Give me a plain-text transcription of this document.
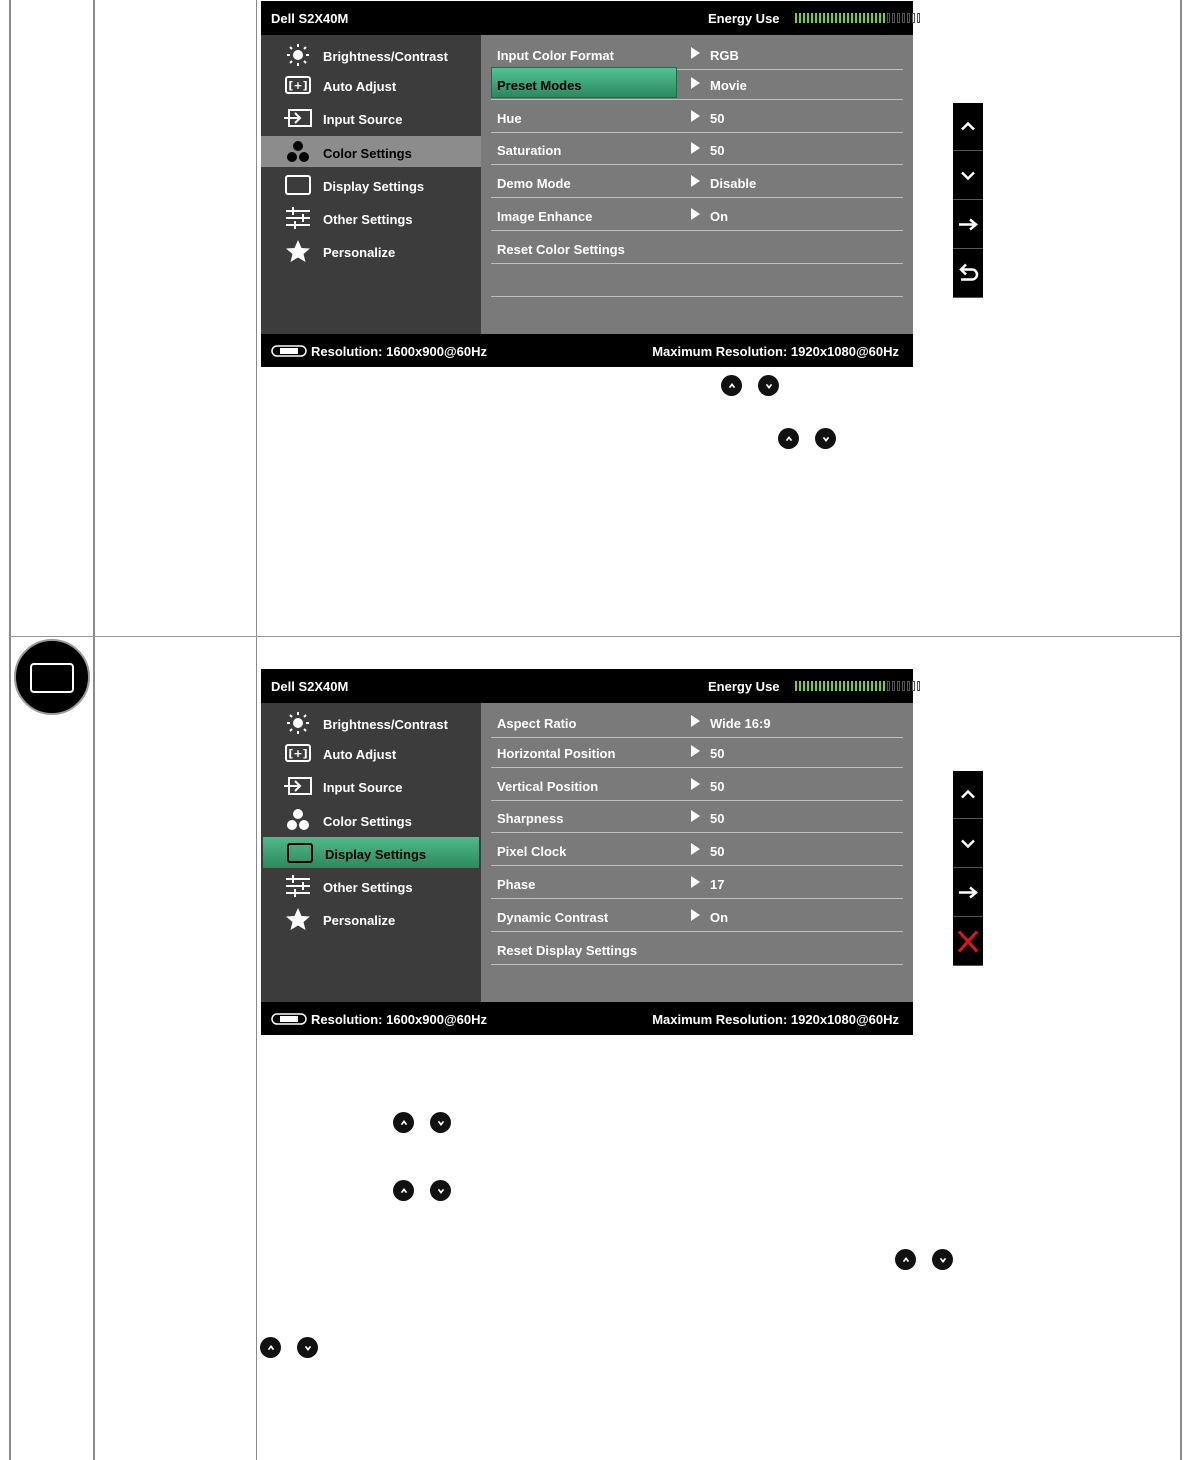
Dell S2X40M	Energy Use
Brightness/Contrast
[+] Auto Adjust
Input Source
Color Settings
Display Settings
Other Settings
Personalize
Input Color Format	RGB
Preset Modes	Movie
Hue	50
Saturation	50
Demo Mode	Disable
Image Enhance	On
Reset Color Settings
Resolution: 1600x900@60Hz	Maximum Resolution: 1920x1080@60Hz
Dell S2X40M	Energy Use
Brightness/Contrast
[+] Auto Adjust
Input Source
Color Settings
Display Settings
Other Settings
Personalize
Aspect Ratio	Wide 16:9
Horizontal Position	50
Vertical Position	50
Sharpness	50
Pixel Clock	50
Phase	17
Dynamic Contrast	On
Reset Display Settings
Resolution: 1600x900@60Hz	Maximum Resolution: 1920x1080@60Hz
